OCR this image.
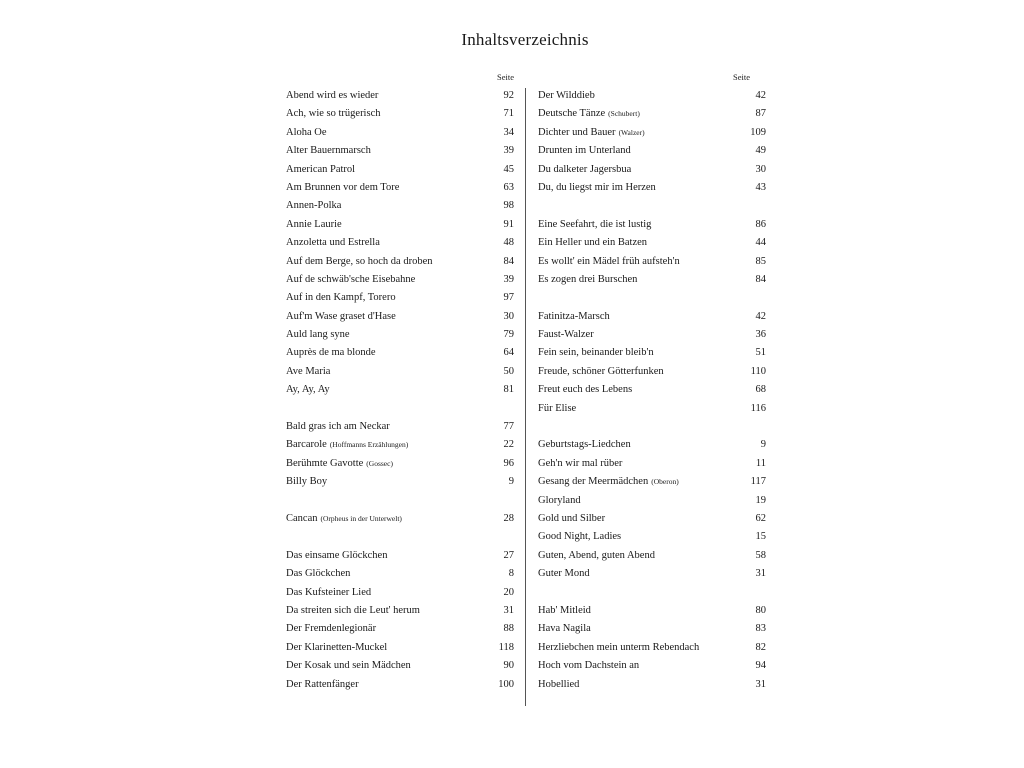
Inhaltsverzeichnis
Seite	Seite
Abend wird es wieder	92
Ach, wie so trügerisch	71
Aloha Oe	34
Alter Bauernmarsch	39
American Patrol	45
Am Brunnen vor dem Tore	63
Annen-Polka	98
Annie Laurie	91
Anzoletta und Estrella	48
Auf dem Berge, so hoch da droben	84
Auf de schwäb'sche Eisebahne	39
Auf in den Kampf, Torero	97
Auf'm Wase graset d'Hase	30
Auld lang syne	79
Auprès de ma blonde	64
Ave Maria	50
Ay, Ay, Ay	81
Bald gras ich am Neckar	77
Barcarole (Hoffmanns Erzählungen)	22
Berühmte Gavotte (Gossec)	96
Billy Boy	9
Cancan (Orpheus in der Unterwelt)	28
Das einsame Glöckchen	27
Das Glöckchen	8
Das Kufsteiner Lied	20
Da streiten sich die Leut' herum	31
Der Fremdenlegionär	88
Der Klarinetten-Muckel	118
Der Kosak und sein Mädchen	90
Der Rattenfänger	100
Der Wilddieb	42
Deutsche Tänze (Schubert)	87
Dichter und Bauer (Walzer)	109
Drunten im Unterland	49
Du dalketer Jagersbua	30
Du, du liegst mir im Herzen	43
Eine Seefahrt, die ist lustig	86
Ein Heller und ein Batzen	44
Es wollt' ein Mädel früh aufsteh'n	85
Es zogen drei Burschen	84
Fatinitza-Marsch	42
Faust-Walzer	36
Fein sein, beinander bleib'n	51
Freude, schöner Götterfunken	110
Freut euch des Lebens	68
Für Elise	116
Geburtstags-Liedchen	9
Geh'n wir mal rüber	11
Gesang der Meermädchen (Oberon)	117
Gloryland	19
Gold und Silber	62
Good Night, Ladies	15
Guten, Abend, guten Abend	58
Guter Mond	31
Hab' Mitleid	80
Hava Nagila	83
Herzliebchen mein unterm Rebendach	82
Hoch vom Dachstein an	94
Hobellied	31
